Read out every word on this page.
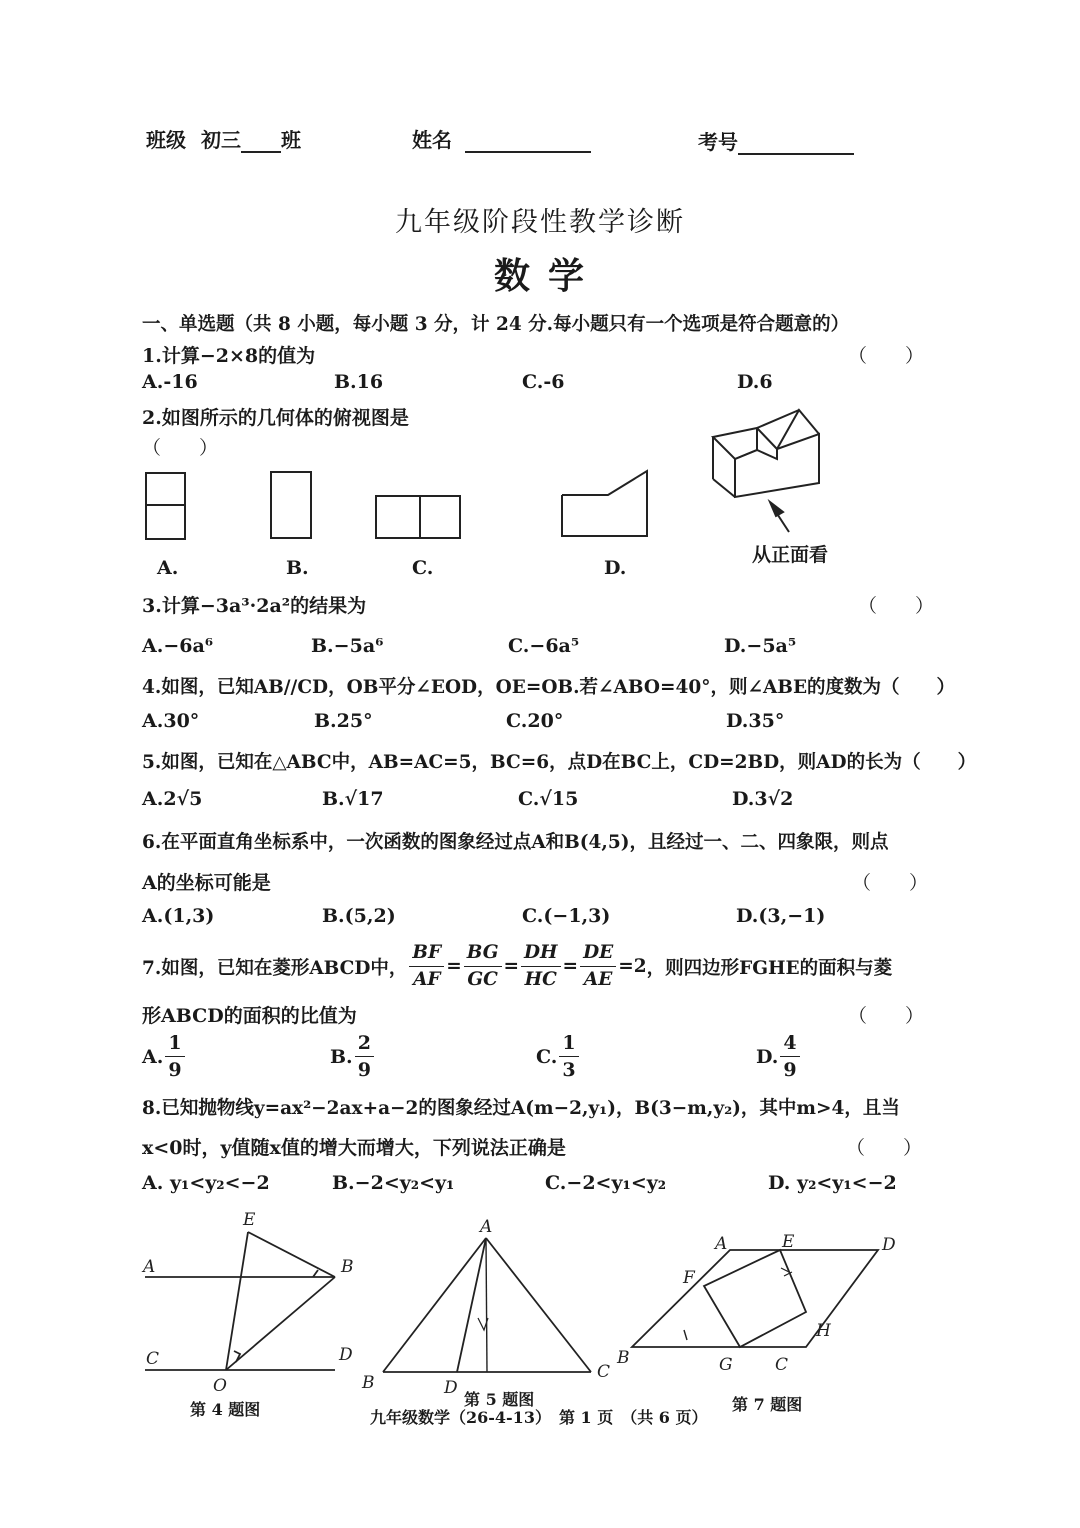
班级 初三 班	姓名	考号
九年级阶段性教学诊断
数学
一、单选题（共 8 小题，每小题 3 分，计 24 分.每小题只有一个选项是符合题意的）
1.计算−2×8的值为	（　　）
A.-16	B.16	C.-6	D.6
2.如图所示的几何体的俯视图是
（　　）
A.	B.	C.	D.
从正面看
3.计算−3a³·2a²的结果为	（　　）
A.−6a⁶	B.−5a⁶	C.−6a⁵	D.−5a⁵
4.如图，已知AB//CD，OB平分∠EOD，OE=OB.若∠ABO=40°，则∠ABE的度数为（　　）
A.30°	B.25°	C.20°	D.35°
5.如图，已知在△ABC中，AB=AC=5，BC=6，点D在BC上，CD=2BD，则AD的长为（　　）
A.2√5	B.√17	C.√15	D.3√2
6.在平面直角坐标系中，一次函数的图象经过点A和B(4,5)，且经过一、二、四象限，则点
A的坐标可能是	（　　）
A.(1,3)	B.(5,2)	C.(−1,3)	D.(3,−1)
7.如图，已知在菱形ABCD中， $\frac{BF}{AF} = \frac{BG}{GC} = \frac{DH}{HC} = \frac{DE}{AE} =2$ ，则四边形FGHE的面积与菱
形ABCD的面积的比值为	（　　）
A. $\frac{1}{9}$	B. $\frac{2}{9}$	C. $\frac{1}{3}$	D. $\frac{4}{9}$
8.已知抛物线y=ax²−2ax+a−2的图象经过A(m−2,y₁)，B(3−m,y₂)，其中m>4，且当
x<0时，y值随x值的增大而增大，下列说法正确是	（　　）
A. y₁<y₂<−2	B.−2<y₂<y₁	C.−2<y₁<y₂	D. y₂<y₁<−2
E
A	B
C	D
O
A
B
C
D
A	E	D
F
H
B	G C
第 4 题图
第 5 题图	第 7 题图
九年级数学（26-4-13）　第 1 页　（共 6 页）
